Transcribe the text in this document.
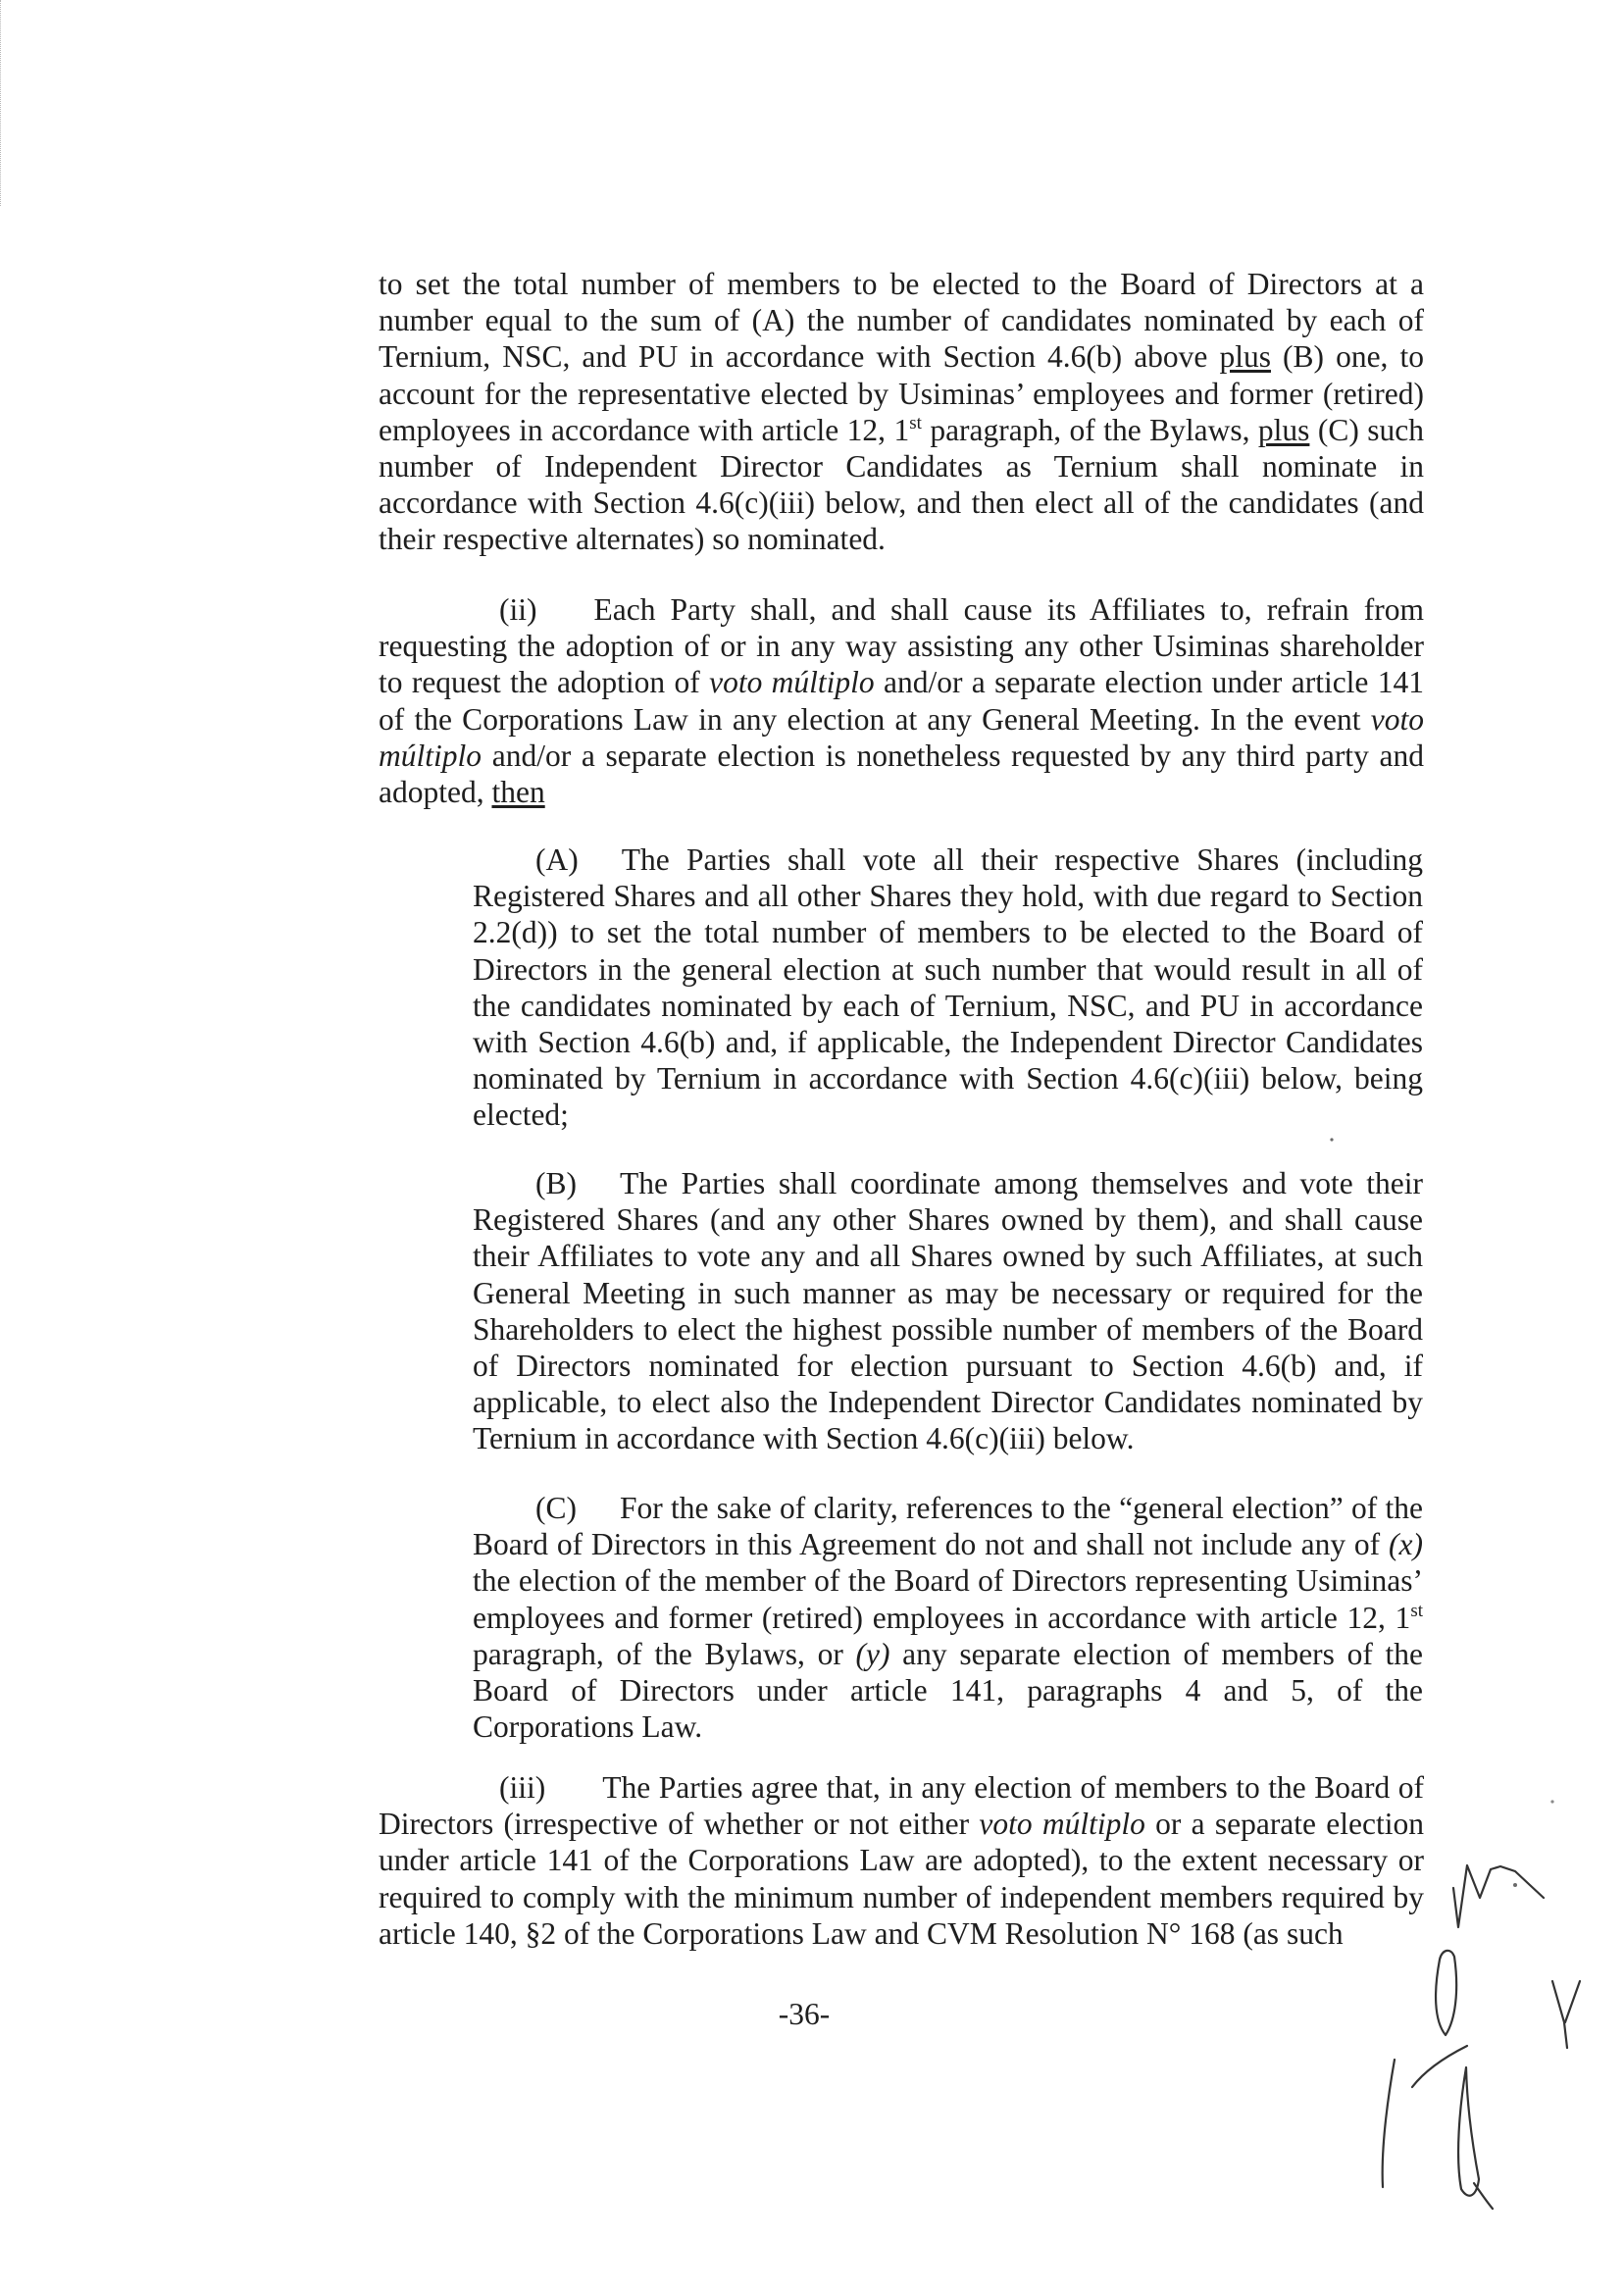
to set the total number of members to be elected to the Board of Directors at a number equal to the sum of (A) the number of candidates nominated by each of Ternium, NSC, and PU in accordance with Section 4.6(b) above plus (B) one, to account for the representative elected by Usiminas’ employees and former (retired) employees in accordance with article 12, 1st paragraph, of the Bylaws, plus (C) such number of Independent Director Candidates as Ternium shall nominate in accordance with Section 4.6(c)(iii) below, and then elect all of the candidates (and their respective alternates) so nominated.

(ii) Each Party shall, and shall cause its Affiliates to, refrain from requesting the adoption of or in any way assisting any other Usiminas shareholder to request the adoption of voto múltiplo and/or a separate election under article 141 of the Corporations Law in any election at any General Meeting. In the event voto múltiplo and/or a separate election is nonetheless requested by any third party and adopted, then

(A) The Parties shall vote all their respective Shares (including Registered Shares and all other Shares they hold, with due regard to Section 2.2(d)) to set the total number of members to be elected to the Board of Directors in the general election at such number that would result in all of the candidates nominated by each of Ternium, NSC, and PU in accordance with Section 4.6(b) and, if applicable, the Independent Director Candidates nominated by Ternium in accordance with Section 4.6(c)(iii) below, being elected;

(B) The Parties shall coordinate among themselves and vote their Registered Shares (and any other Shares owned by them), and shall cause their Affiliates to vote any and all Shares owned by such Affiliates, at such General Meeting in such manner as may be necessary or required for the Shareholders to elect the highest possible number of members of the Board of Directors nominated for election pursuant to Section 4.6(b) and, if applicable, to elect also the Independent Director Candidates nominated by Ternium in accordance with Section 4.6(c)(iii) below.

(C) For the sake of clarity, references to the “general election” of the Board of Directors in this Agreement do not and shall not include any of (x) the election of the member of the Board of Directors representing Usiminas’ employees and former (retired) employees in accordance with article 12, 1st paragraph, of the Bylaws, or (y) any separate election of members of the Board of Directors under article 141, paragraphs 4 and 5, of the Corporations Law.

(iii) The Parties agree that, in any election of members to the Board of Directors (irrespective of whether or not either voto múltiplo or a separate election under article 141 of the Corporations Law are adopted), to the extent necessary or required to comply with the minimum number of independent members required by article 140, §2 of the Corporations Law and CVM Resolution N° 168 (as such

-36-
